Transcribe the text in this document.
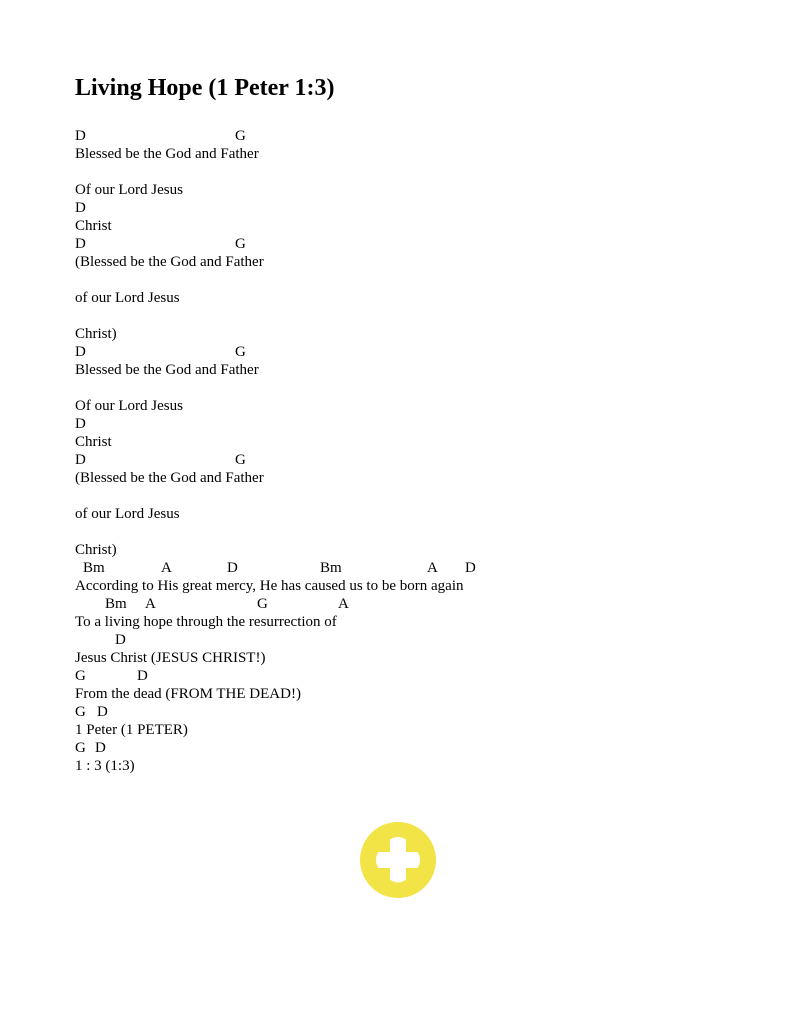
Living Hope (1 Peter 1:3)
D	G
Blessed be the God and Father
Of our Lord Jesus
D
Christ
D	G
(Blessed be the God and Father
of our Lord Jesus
Christ)
D	G
Blessed be the God and Father
Of our Lord Jesus
D
Christ
D	G
(Blessed be the God and Father
of our Lord Jesus
Christ)
Bm	A	D	Bm	A D
According to His great mercy, He has caused us to be born again
Bm A	G	A
To a living hope through the resurrection of
D
Jesus Christ (JESUS CHRIST!)
G	D
From the dead (FROM THE DEAD!)
G D
1 Peter (1 PETER)
G D
1 : 3 (1:3)
